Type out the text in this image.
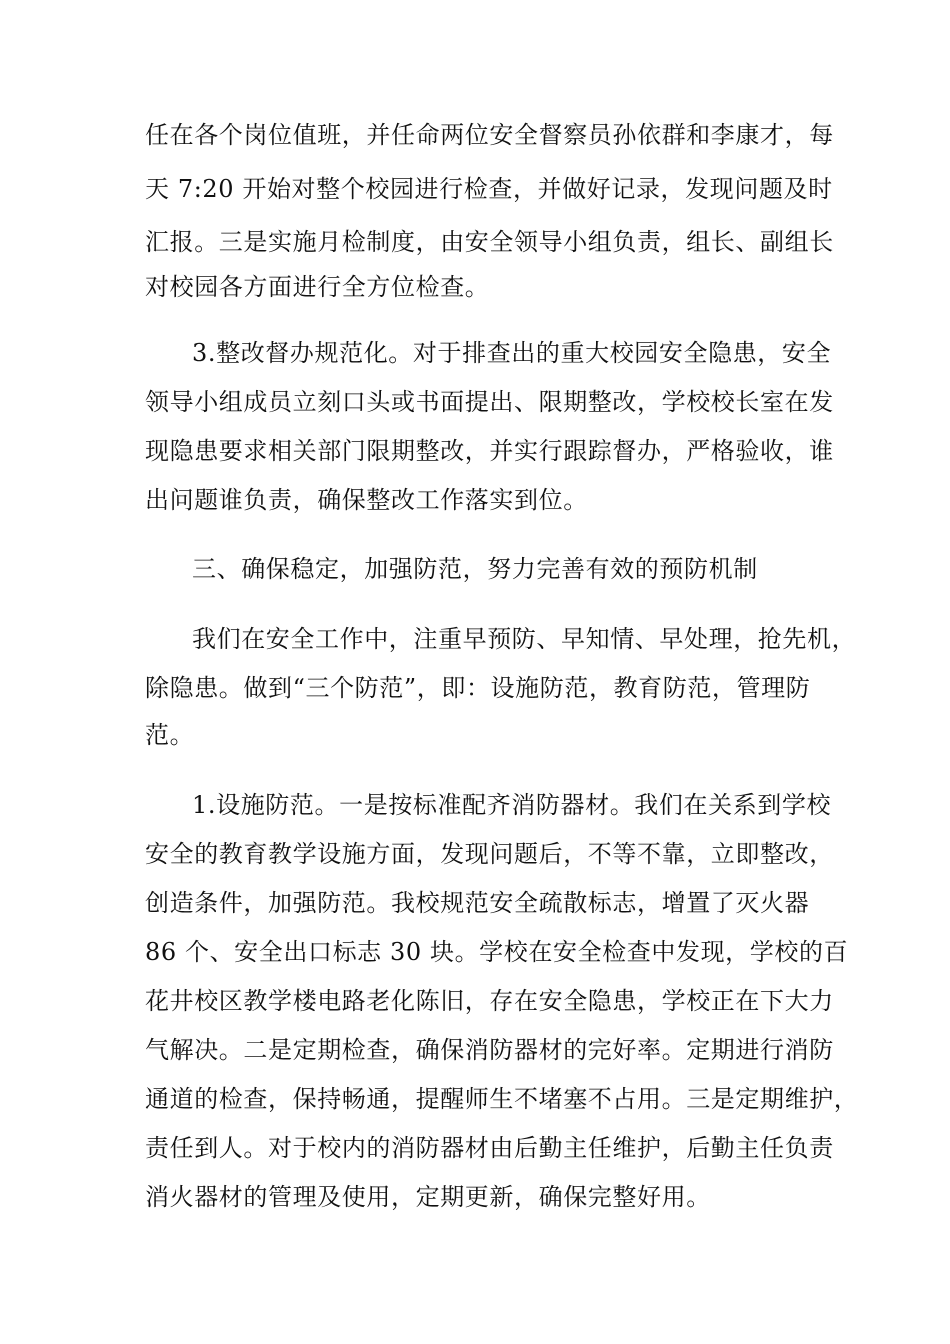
任在各个岗位值班，并任命两位安全督察员孙依群和李康才，每

天 7:20 开始对整个校园进行检查，并做好记录，发现问题及时

汇报。三是实施月检制度，由安全领导小组负责，组长、副组长

对校园各方面进行全方位检查。

3.整改督办规范化。对于排查出的重大校园安全隐患，安全

领导小组成员立刻口头或书面提出、限期整改，学校校长室在发

现隐患要求相关部门限期整改，并实行跟踪督办，严格验收，谁

出问题谁负责，确保整改工作落实到位。

三、确保稳定，加强防范，努力完善有效的预防机制

我们在安全工作中，注重早预防、早知情、早处理，抢先机，

除隐患。做到“三个防范”，即：设施防范，教育防范，管理防

范。

1.设施防范。一是按标准配齐消防器材。我们在关系到学校

安全的教育教学设施方面，发现问题后，不等不靠，立即整改，

创造条件，加强防范。我校规范安全疏散标志，增置了灭火器

86 个、安全出口标志 30 块。学校在安全检查中发现，学校的百

花井校区教学楼电路老化陈旧，存在安全隐患，学校正在下大力

气解决。二是定期检查，确保消防器材的完好率。定期进行消防

通道的检查，保持畅通，提醒师生不堵塞不占用。三是定期维护，

责任到人。对于校内的消防器材由后勤主任维护，后勤主任负责

消火器材的管理及使用，定期更新，确保完整好用。
